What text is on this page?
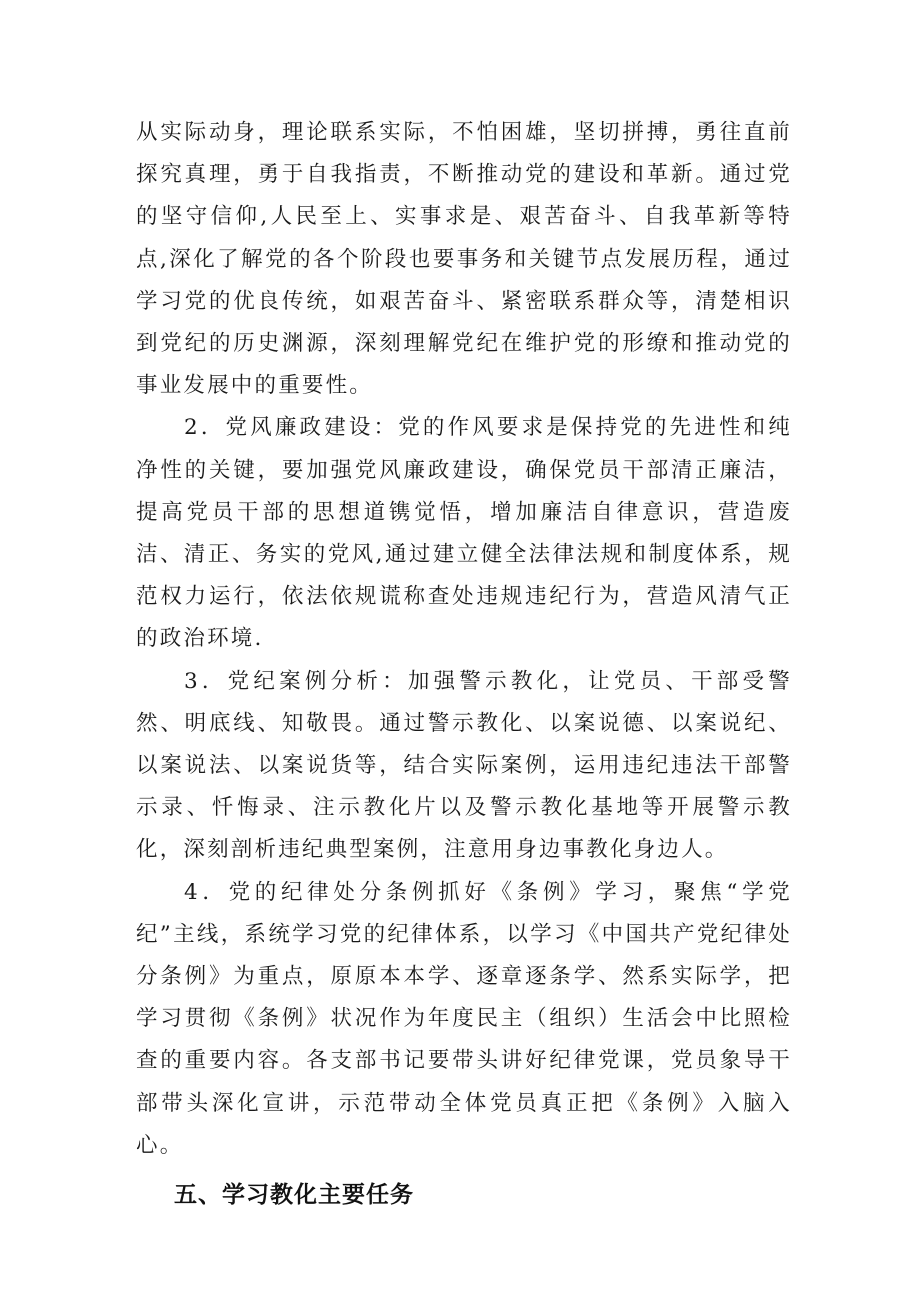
从实际动身，理论联系实际，不怕困雄，坚切拼搏，勇往直前探究真理，勇于自我指责，不断推动党的建设和革新。通过党的坚守信仰,人民至上、实事求是、艰苦奋斗、自我革新等特点,深化了解党的各个阶段也要事务和关键节点发展历程，通过学习党的优良传统，如艰苦奋斗、紧密联系群众等，清楚相识到党纪的历史渊源，深刻理解党纪在维护党的形缭和推动党的事业发展中的重要性。

2．党风廉政建设：党的作风要求是保持党的先进性和纯净性的关键，要加强党风廉政建设，确保党员干部清正廉洁，提高党员干部的思想道镌觉悟，增加廉洁自律意识，营造废洁、清正、务实的党风,通过建立健全法律法规和制度体系，规范权力运行，依法依规谎称查处违规违纪行为，营造风清气正的政治环境.

3．党纪案例分析：加强警示教化，让党员、干部受警然、明底线、知敬畏。通过警示教化、以案说德、以案说纪、以案说法、以案说货等，结合实际案例，运用违纪违法干部警示录、忏悔录、注示教化片以及警示教化基地等开展警示教化，深刻剖析违纪典型案例，注意用身边事教化身边人。

4．党的纪律处分条例抓好《条例》学习，聚焦“学党纪”主线，系统学习党的纪律体系，以学习《中国共产党纪律处分条例》为重点，原原本本学、逐章逐条学、然系实际学，把学习贯彻《条例》状况作为年度民主（组织）生活会中比照检查的重要内容。各支部书记要带头讲好纪律党课，党员象导干部带头深化宣讲，示范带动全体党员真正把《条例》入脑入心。

五、学习教化主要任务
